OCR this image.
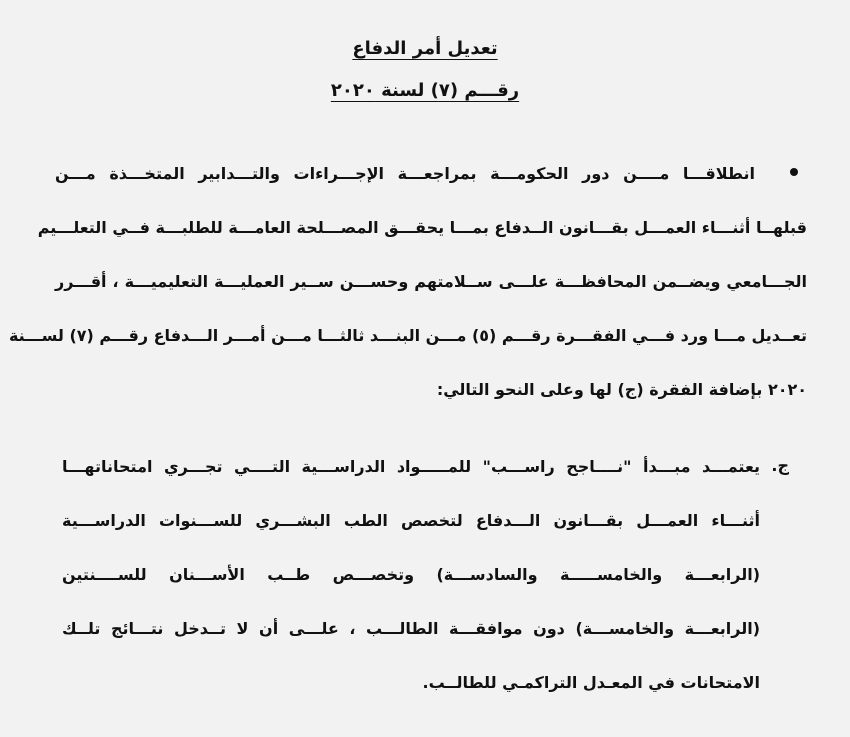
تعديل أمر الدفاع
رقـــم (٧) لسنة ٢٠٢٠
انطلاقـــا مــــن دور الحكومـــة بمراجعـــة الإجـــراءات والتـــدابير المتخـــذة مـــن
قبلهــا أثنـــاء العمـــل بقـــانون الــدفاع بمـــا يحقـــق المصـــلحة العامـــة للطلبـــة فــي التعلـــيم
الجـــامعي ويضــمن المحافظـــة علـــى ســلامتهم وحســـن ســير العمليـــة التعليميـــة ، أقـــرر
تعــديل مـــا ورد فـــي الفقـــرة رقـــم (٥) مـــن البنـــد ثالثـــا مـــن أمـــر الـــدفاع رقـــم (٧) لســـنة
٢٠٢٠ بإضافة الفقرة (ج) لها وعلى النحو التالي:
ج.
يعتمـــد مبـــدأ "نــــاجح راســـب" للمـــــواد الدراســـية التــــي تجـــري امتحاناتهـــا
أثنـــاء العمـــل بقـــانون الـــدفاع لتخصص الطب البشـــري للســـنوات الدراســـية
(الرابعـــة والخامســـــة والسادســـة) وتخصـــص طــب الأســـنان للســــنتين
(الرابعـــة والخامســـة) دون موافقـــة الطالـــب ، علـــى أن لا تــدخل نتـــائج تلــك
الامتحانات في المعـدل التراكمـي للطالــب.
